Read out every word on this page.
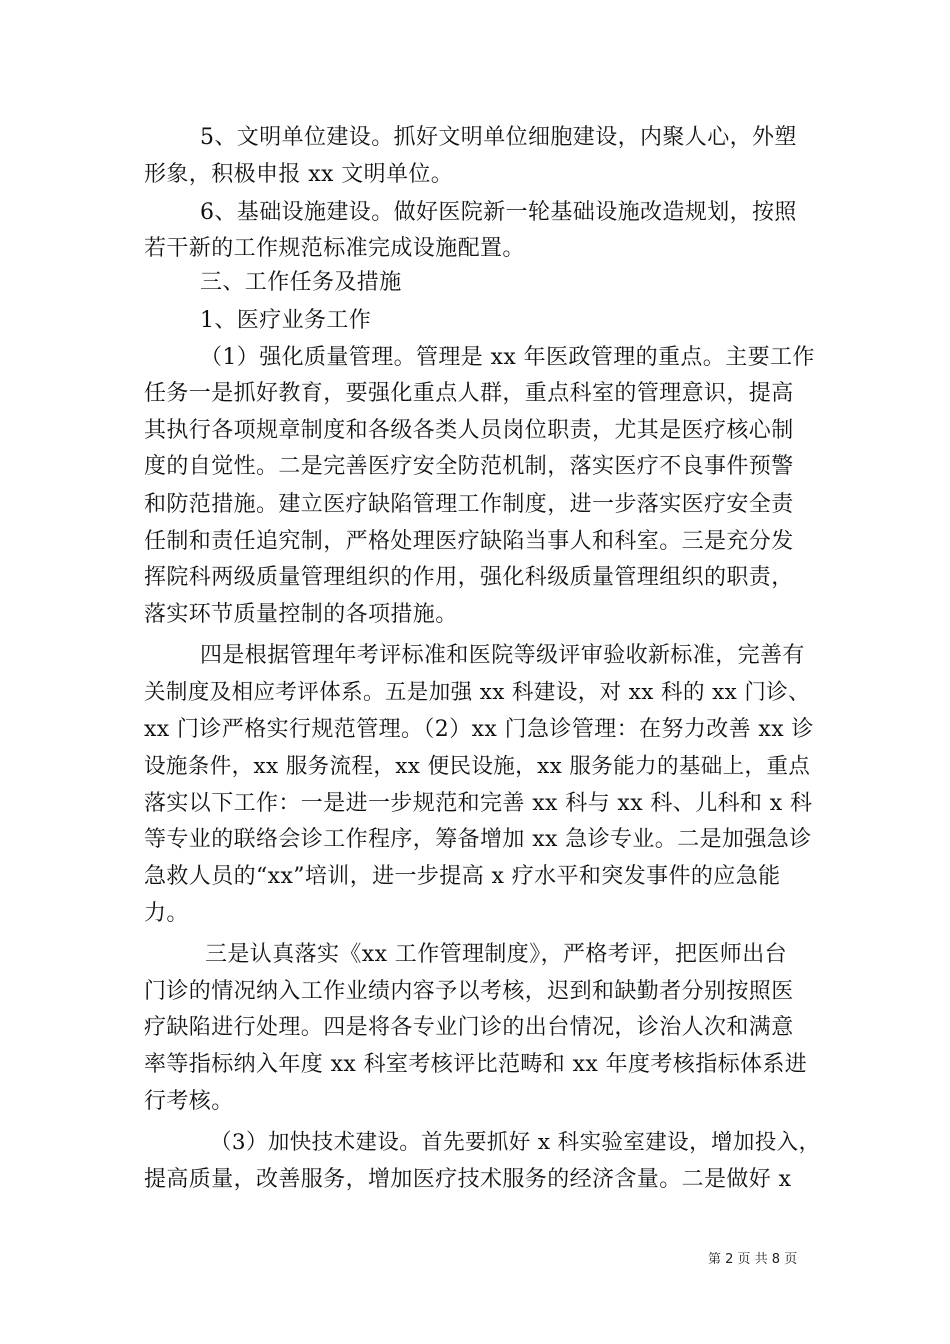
5、文明单位建设。抓好文明单位细胞建设，内聚人心，外塑
形象，积极申报 xx 文明单位。
6、基础设施建设。做好医院新一轮基础设施改造规划，按照
若干新的工作规范标准完成设施配置。
三、工作任务及措施
1、医疗业务工作
（1）强化质量管理。管理是 xx 年医政管理的重点。主要工作
任务一是抓好教育，要强化重点人群，重点科室的管理意识，提高
其执行各项规章制度和各级各类人员岗位职责，尤其是医疗核心制
度的自觉性。二是完善医疗安全防范机制，落实医疗不良事件预警
和防范措施。建立医疗缺陷管理工作制度，进一步落实医疗安全责
任制和责任追究制，严格处理医疗缺陷当事人和科室。三是充分发
挥院科两级质量管理组织的作用，强化科级质量管理组织的职责，
落实环节质量控制的各项措施。
四是根据管理年考评标准和医院等级评审验收新标准，完善有
关制度及相应考评体系。五是加强 xx 科建设，对 xx 科的 xx 门诊、
xx 门诊严格实行规范管理。（2）xx 门急诊管理：在努力改善 xx 诊
设施条件，xx 服务流程，xx 便民设施，xx 服务能力的基础上，重点
落实以下工作：一是进一步规范和完善 xx 科与 xx 科、儿科和 x 科
等专业的联络会诊工作程序，筹备增加 xx 急诊专业。二是加强急诊
急救人员的“xx”培训，进一步提高 x 疗水平和突发事件的应急能
力。
三是认真落实《xx 工作管理制度》，严格考评，把医师出台
门诊的情况纳入工作业绩内容予以考核，迟到和缺勤者分别按照医
疗缺陷进行处理。四是将各专业门诊的出台情况，诊治人次和满意
率等指标纳入年度 xx 科室考核评比范畴和 xx 年度考核指标体系进
行考核。
（3）加快技术建设。首先要抓好 x 科实验室建设，增加投入，
提高质量，改善服务，增加医疗技术服务的经济含量。二是做好 x
第 2 页 共 8 页
